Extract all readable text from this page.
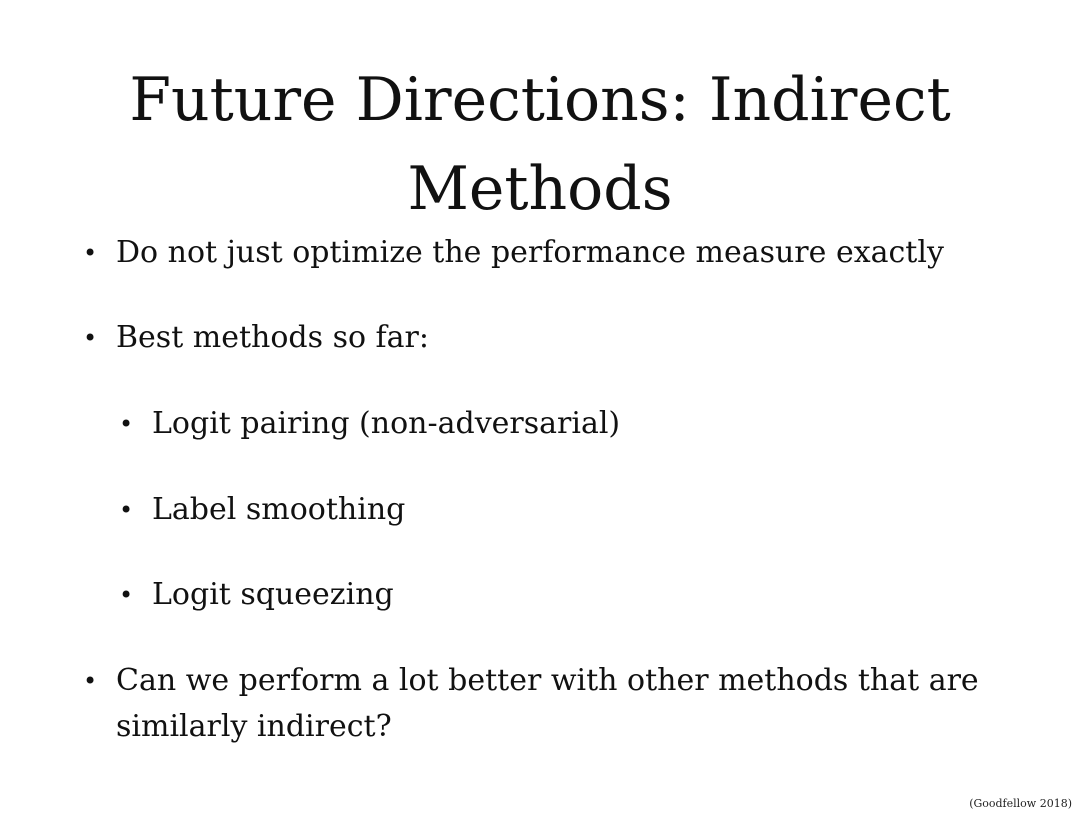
Future Directions: Indirect Methods
• Do not just optimize the performance measure exactly
• Best methods so far:
• Logit pairing (non-adversarial)
• Label smoothing
• Logit squeezing
• Can we perform a lot better with other methods that are similarly indirect?
(Goodfellow 2018)
